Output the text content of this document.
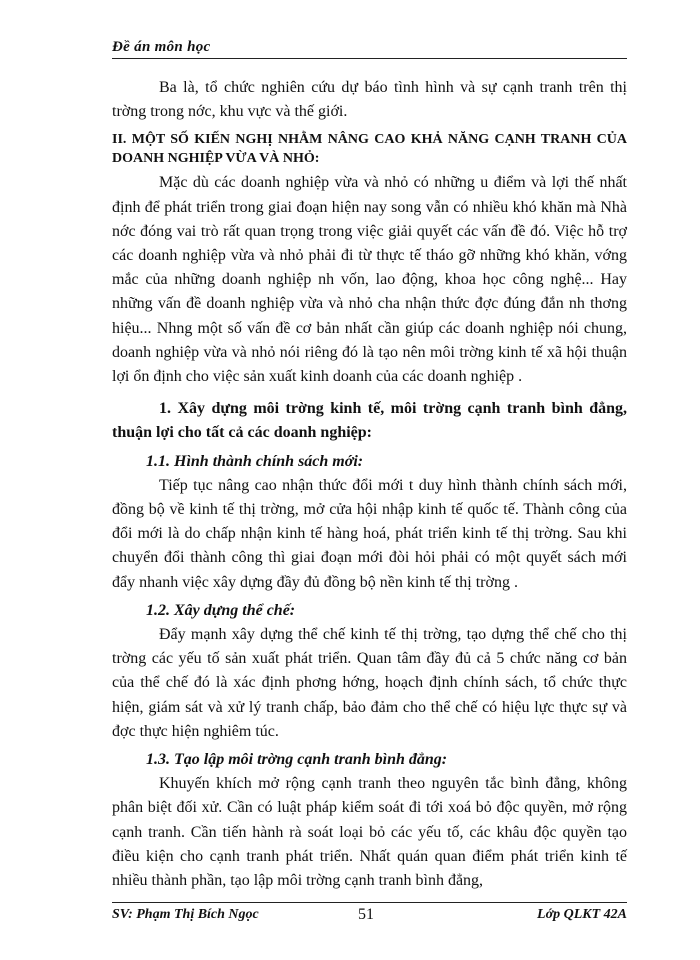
Đề án môn học

Ba là, tổ chức nghiên cứu dự báo tình hình và sự cạnh tranh trên thị trờng trong nớc, khu vực và thế giới.

II. MỘT SỐ KIẾN NGHỊ NHẰM NÂNG CAO KHẢ NĂNG CẠNH TRANH CỦA DOANH NGHIỆP VỪA VÀ NHỎ:

Mặc dù các doanh nghiệp vừa và nhỏ có những u điểm và lợi thế nhất định để phát triển trong giai đoạn hiện nay song vẫn có nhiều khó khăn mà Nhà nớc đóng vai trò rất quan trọng trong việc giải quyết các vấn đề đó. Việc hỗ trợ các doanh nghiệp vừa và nhỏ phải đi từ thực tế tháo gỡ những khó khăn, vớng mắc của những doanh nghiệp nh vốn, lao động, khoa học công nghệ... Hay những vấn đề doanh nghiệp vừa và nhỏ cha nhận thức đợc đúng đắn nh thơng hiệu... Nhng một số vấn đề cơ bản nhất cần giúp các doanh nghiệp nói chung, doanh nghiệp vừa và nhỏ nói riêng đó là tạo nên môi trờng kinh tế xã hội thuận lợi ổn định cho việc sản xuất kinh doanh của các doanh nghiệp .

1. Xây dựng môi trờng kinh tế, môi trờng cạnh tranh bình đẳng, thuận lợi cho tất cả các doanh nghiệp:

1.1. Hình thành chính sách mới:

Tiếp tục nâng cao nhận thức đổi mới t duy hình thành chính sách mới, đồng bộ về kinh tế thị trờng, mở cửa hội nhập kinh tế quốc tế. Thành công của đổi mới là do chấp nhận kinh tế hàng hoá, phát triển kinh tế thị trờng. Sau khi chuyển đổi thành công thì giai đoạn mới đòi hỏi phải có một quyết sách mới đẩy nhanh việc xây dựng đầy đủ đồng bộ nền kinh tế thị trờng .

1.2. Xây dựng thể chế:

Đẩy mạnh xây dựng thể chế kinh tế thị trờng, tạo dựng thể chế cho thị trờng các yếu tố sản xuất phát triển. Quan tâm đầy đủ cả 5 chức năng cơ bản của thể chế đó là xác định phơng hớng, hoạch định chính sách, tổ chức thực hiện, giám sát và xử lý tranh chấp, bảo đảm cho thể chế có hiệu lực thực sự và đợc thực hiện nghiêm túc.

1.3. Tạo lập môi trờng cạnh tranh bình đẳng:

Khuyến khích mở rộng cạnh tranh theo nguyên tắc bình đẳng, không phân biệt đối xử. Cần có luật pháp kiểm soát đi tới xoá bỏ độc quyền, mở rộng cạnh tranh. Cần tiến hành rà soát loại bỏ các yếu tố, các khâu độc quyền tạo điều kiện cho cạnh tranh phát triển. Nhất quán quan điểm phát triển kinh tế nhiều thành phần, tạo lập môi trờng cạnh tranh bình đẳng,

SV: Phạm Thị Bích Ngọc	51	Lớp QLKT 42A
